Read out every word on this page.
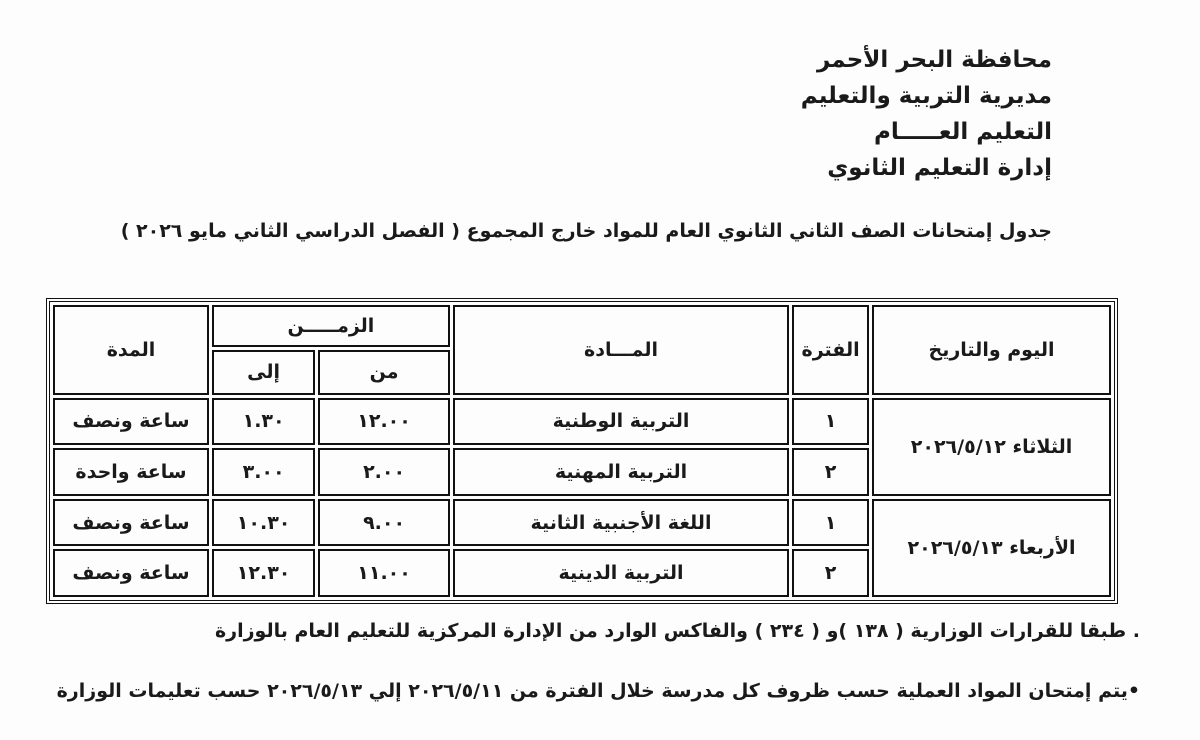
محافظة البحر الأحمر
مديرية التربية والتعليم
التعليم العـــــام
إدارة التعليم الثانوي
جدول إمتحانات الصف الثاني الثانوي العام للمواد خارج المجموع ( الفصل الدراسي الثاني مايو ٢٠٢٦ )
اليوم والتاريخ	الفترة	المـــادة	الزمـــــن		المدة
			من	إلى	
الثلاثاء ٢٠٢٦/٥/١٢	١	التربية الوطنية	١٢.٠٠	١.٣٠	ساعة ونصف
	٢	التربية المهنية	٢.٠٠	٣.٠٠	ساعة واحدة
الأربعاء ٢٠٢٦/٥/١٣	١	اللغة الأجنبية الثانية	٩.٠٠	١٠.٣٠	ساعة ونصف
	٢	التربية الدينية	١١.٠٠	١٢.٣٠	ساعة ونصف
. طبقا للقرارات الوزارية ( ١٣٨ )و ( ٢٣٤ ) والفاكس الوارد من الإدارة المركزية للتعليم العام بالوزارة
•يتم إمتحان المواد العملية حسب ظروف كل مدرسة خلال الفترة من ٢٠٢٦/٥/١١ إلي ٢٠٢٦/٥/١٣ حسب تعليمات الوزارة
